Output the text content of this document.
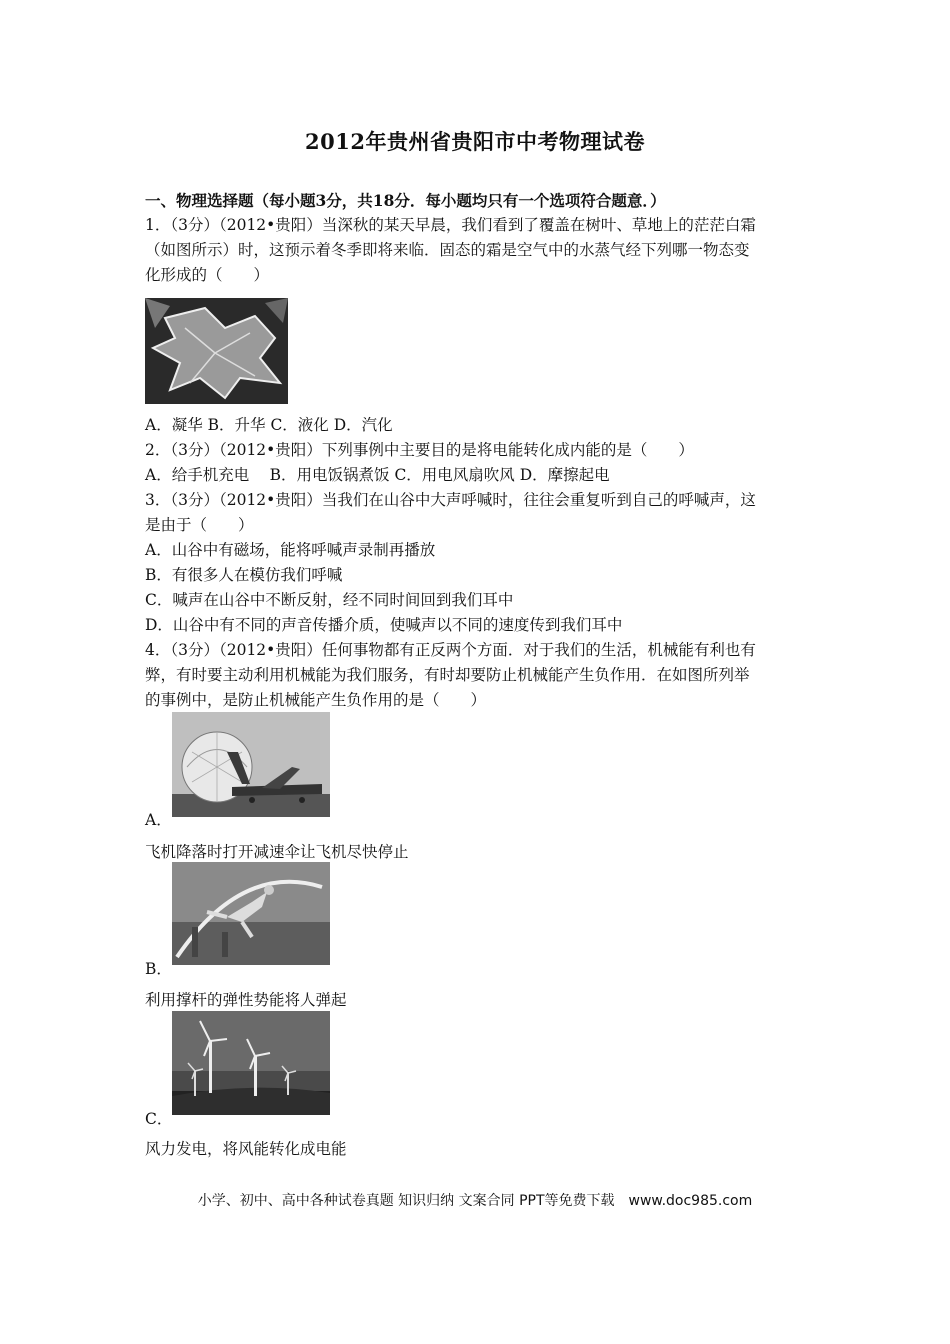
2012年贵州省贵阳市中考物理试卷
一、物理选择题（每小题3分，共18分．每小题均只有一个选项符合题意．）
1．（3分）（2012•贵阳）当深秋的某天早晨，我们看到了覆盖在树叶、草地上的茫茫白霜
（如图所示）时，这预示着冬季即将来临．固态的霜是空气中的水蒸气经下列哪一物态变
化形成的（　　）
A．凝华 B．升华 C．液化 D．汽化
2．（3分）（2012•贵阳）下列事例中主要目的是将电能转化成内能的是（　　）
A．给手机充电　 B．用电饭锅煮饭 C．用电风扇吹风 D．摩擦起电
3．（3分）（2012•贵阳）当我们在山谷中大声呼喊时，往往会重复听到自己的呼喊声，这
是由于（　　）
A．山谷中有磁场，能将呼喊声录制再播放
B．有很多人在模仿我们呼喊
C．喊声在山谷中不断反射，经不同时间回到我们耳中
D．山谷中有不同的声音传播介质，使喊声以不同的速度传到我们耳中
4．（3分）（2012•贵阳）任何事物都有正反两个方面．对于我们的生活，机械能有利也有
弊，有时要主动利用机械能为我们服务，有时却要防止机械能产生负作用．在如图所列举
的事例中，是防止机械能产生负作用的是（　　）
A．
飞机降落时打开减速伞让飞机尽快停止
B．
利用撑杆的弹性势能将人弹起
C．
风力发电，将风能转化成电能
小学、初中、高中各种试卷真题 知识归纳 文案合同 PPT等免费下载　www.doc985.com
